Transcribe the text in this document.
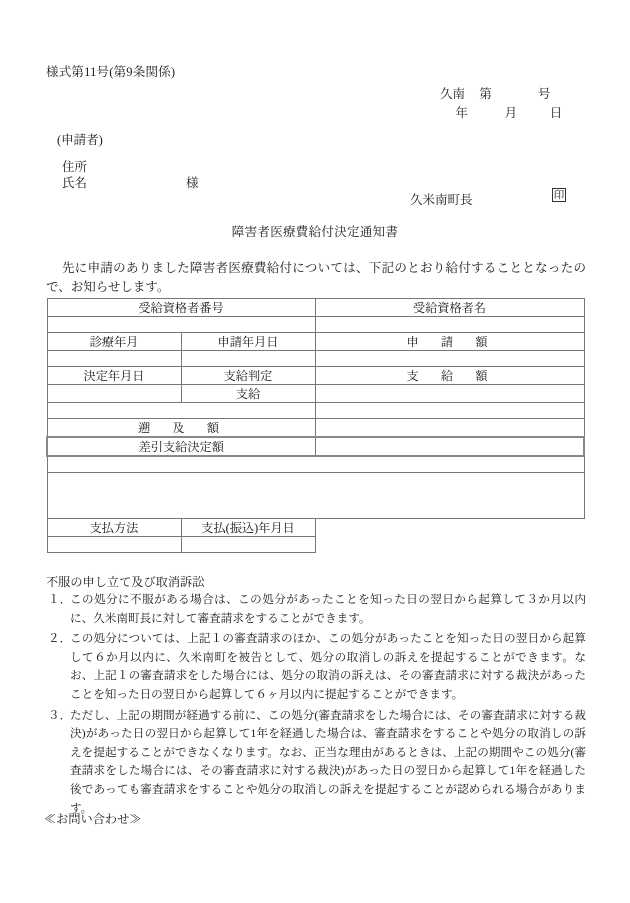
様式第11号(第9条関係)
久南 第	号
年	月	日
(申請者)
住所
氏名	様
久米南町長	印
障害者医療費給付決定通知書
先に申請のありました障害者医療費給付については、下記のとおり給付することとなったので、お知らせします。
受給資格者番号		受給資格者名

診療年月	申請年月日	申　請　額

決定年月日	支給判定	支　給　額
	支給	

遡　及　額		
差引支給決定額		

支払方法	支払(振込)年月日	

不服の申し立て及び取消訴訟
１．
この処分に不服がある場合は、この処分があったことを知った日の翌日から起算して３か月以内に、久米南町長に対して審査請求をすることができます。
２．
この処分については、上記１の審査請求のほか、この処分があったことを知った日の翌日から起算して６か月以内に、久米南町を被告として、処分の取消しの訴えを提起することができます。なお、上記１の審査請求をした場合には、処分の取消の訴えは、その審査請求に対する裁決があったことを知った日の翌日から起算して６ヶ月以内に提起することができます。
３．
ただし、上記の期間が経過する前に、この処分(審査請求をした場合には、その審査請求に対する裁決)があった日の翌日から起算して1年を経過した場合は、審査請求をすることや処分の取消しの訴えを提起することができなくなります。なお、正当な理由があるときは、上記の期間やこの処分(審査請求をした場合には、その審査請求に対する裁決)があった日の翌日から起算して1年を経過した後であっても審査請求をすることや処分の取消しの訴えを提起することが認められる場合があります。
≪お問い合わせ≫
